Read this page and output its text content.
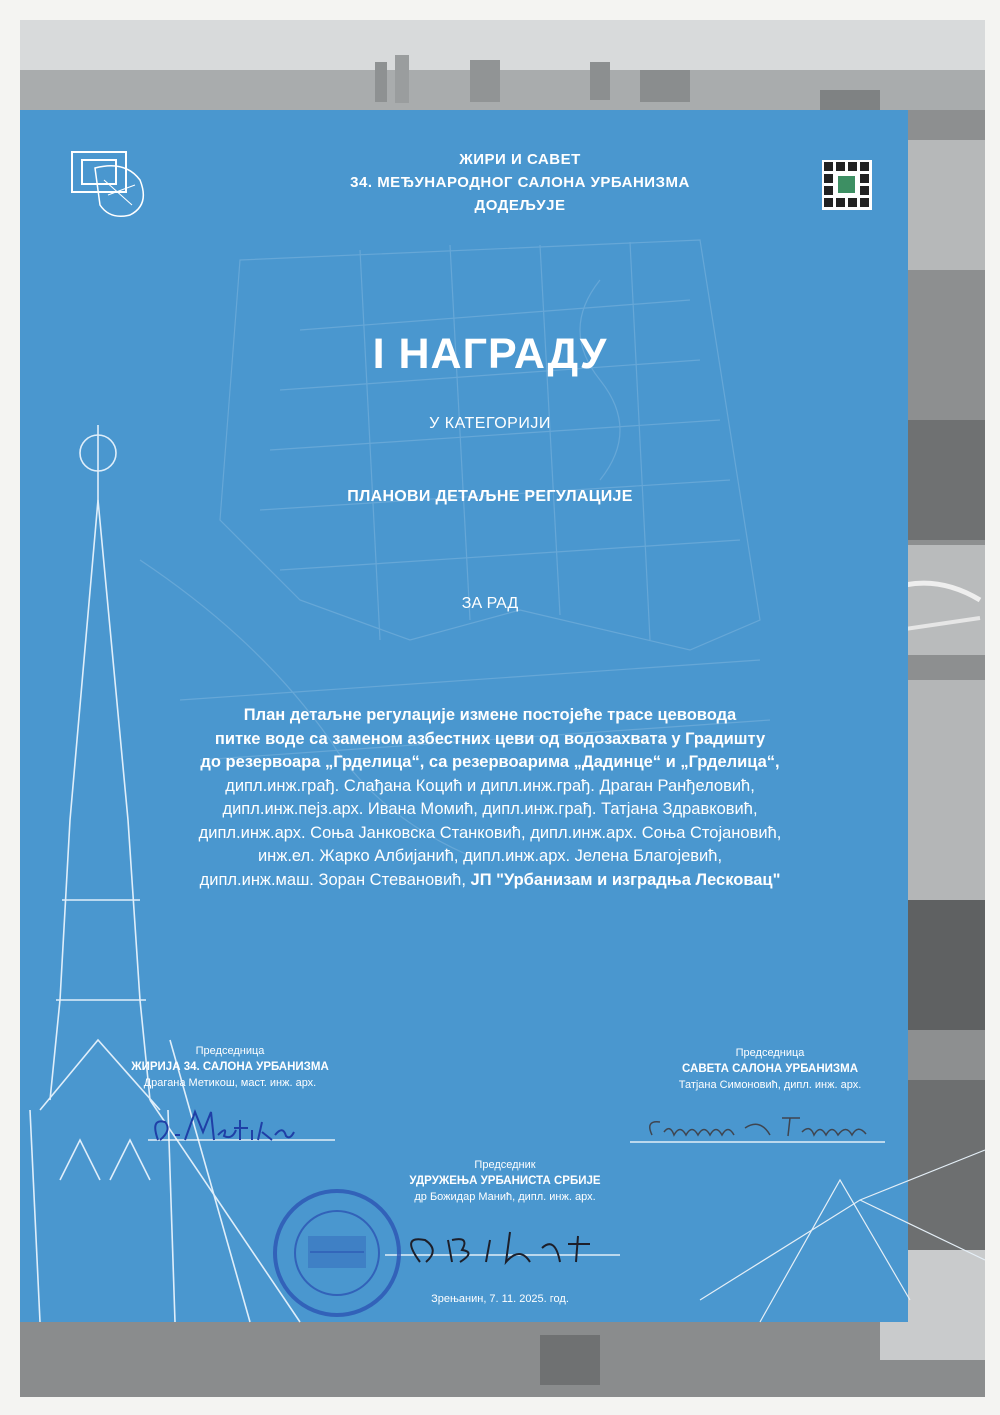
ЖИРИ И САВЕТ
34. МЕЂУНАРОДНОГ САЛОНА УРБАНИЗМА
ДОДЕЉУЈЕ
I НАГРАДУ
У КАТЕГОРИЈИ
ПЛАНОВИ ДЕТАЉНЕ РЕГУЛАЦИЈЕ
ЗА РАД
План детаљне регулације измене постојеће трасе цевовода
питке воде са заменом азбестних цеви од водозахвата у Градишту
до резервоара „Грделица“, са резервоарима „Дадинце“ и „Грделица“,
дипл.инж.грађ. Слађана Коцић и дипл.инж.грађ. Драган Ранђеловић,
дипл.инж.пејз.арх. Ивана Момић, дипл.инж.грађ. Татјана Здравковић,
дипл.инж.арх. Соња Јанковска Станковић, дипл.инж.арх. Соња Стојановић,
инж.ел. Жарко Албијанић, дипл.инж.арх. Јелена Благојевић,
дипл.инж.маш. Зоран Стевановић, ЈП "Урбанизам и изградња Лесковац"
Председница
ЖИРИЈА 34. САЛОНА УРБАНИЗМА
Драгана Метикош, маст. инж. арх.
Председница
САВЕТА САЛОНА УРБАНИЗМА
Татјана Симоновић, дипл. инж. арх.
Председник
УДРУЖЕЊА УРБАНИСТА СРБИЈЕ
др Божидар Манић, дипл. инж. арх.
Зрењанин, 7. 11. 2025. год.
